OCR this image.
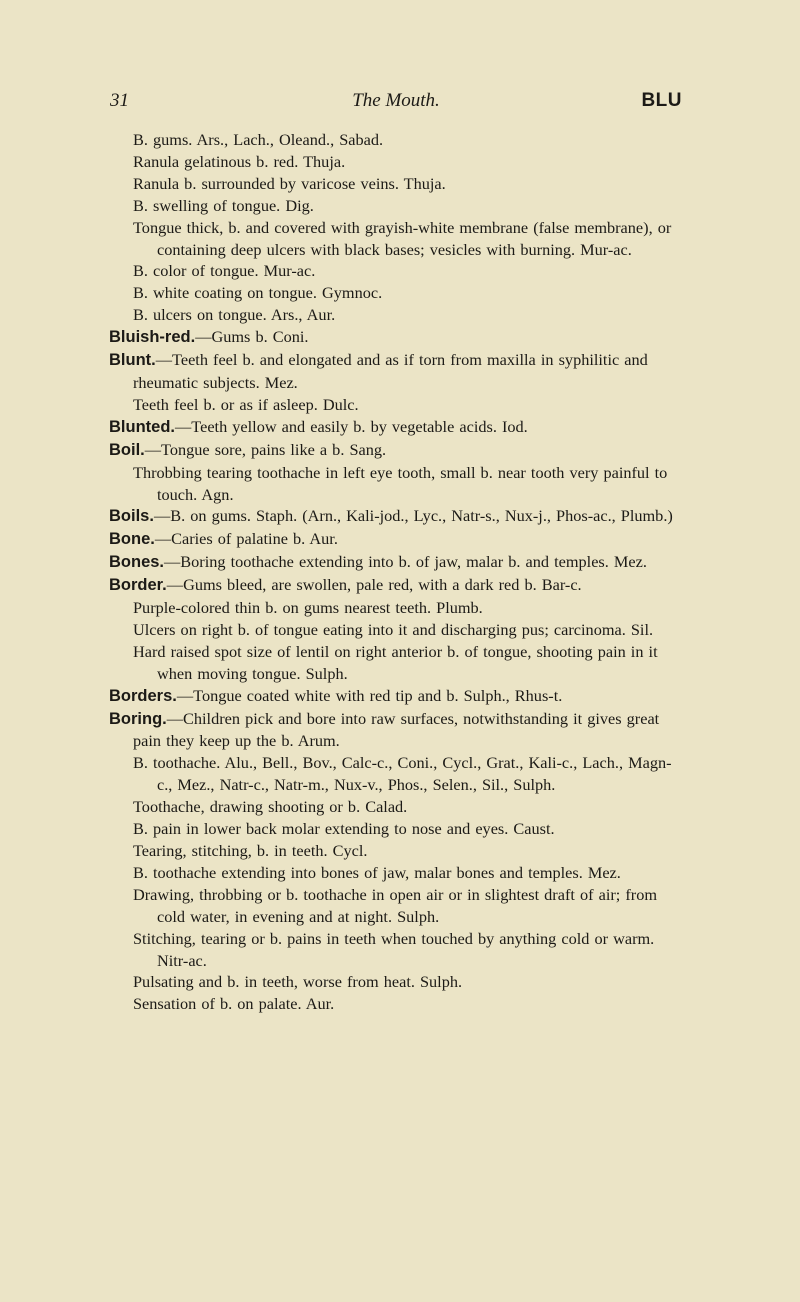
31	The Mouth.	BLU

B. gums. Ars., Lach., Oleand., Sabad.

Ranula gelatinous b. red. Thuja.

Ranula b. surrounded by varicose veins. Thuja.

B. swelling of tongue. Dig.

Tongue thick, b. and covered with grayish-white membrane (false membrane), or containing deep ulcers with black bases; vesicles with burning. Mur-ac.

B. color of tongue. Mur-ac.

B. white coating on tongue. Gymnoc.

B. ulcers on tongue. Ars., Aur.

Bluish-red.—Gums b. Coni.

Blunt.—Teeth feel b. and elongated and as if torn from maxilla in syphilitic and rheumatic subjects. Mez.

Teeth feel b. or as if asleep. Dulc.

Blunted.—Teeth yellow and easily b. by vegetable acids. Iod.

Boil.—Tongue sore, pains like a b. Sang.

Throbbing tearing toothache in left eye tooth, small b. near tooth very painful to touch. Agn.

Boils.—B. on gums. Staph. (Arn., Kali-jod., Lyc., Natr-s., Nux-j., Phos-ac., Plumb.)

Bone.—Caries of palatine b. Aur.

Bones.—Boring toothache extending into b. of jaw, malar b. and temples. Mez.

Border.—Gums bleed, are swollen, pale red, with a dark red b. Bar-c.

Purple-colored thin b. on gums nearest teeth. Plumb.

Ulcers on right b. of tongue eating into it and discharging pus; carcinoma. Sil.

Hard raised spot size of lentil on right anterior b. of tongue, shooting pain in it when moving tongue. Sulph.

Borders.—Tongue coated white with red tip and b. Sulph., Rhus-t.

Boring.—Children pick and bore into raw surfaces, notwithstanding it gives great pain they keep up the b. Arum.

B. toothache. Alu., Bell., Bov., Calc-c., Coni., Cycl., Grat., Kali-c., Lach., Magn-c., Mez., Natr-c., Natr-m., Nux-v., Phos., Selen., Sil., Sulph.

Toothache, drawing shooting or b. Calad.

B. pain in lower back molar extending to nose and eyes. Caust.

Tearing, stitching, b. in teeth. Cycl.

B. toothache extending into bones of jaw, malar bones and temples. Mez.

Drawing, throbbing or b. toothache in open air or in slightest draft of air; from cold water, in evening and at night. Sulph.

Stitching, tearing or b. pains in teeth when touched by anything cold or warm. Nitr-ac.

Pulsating and b. in teeth, worse from heat. Sulph.

Sensation of b. on palate. Aur.
